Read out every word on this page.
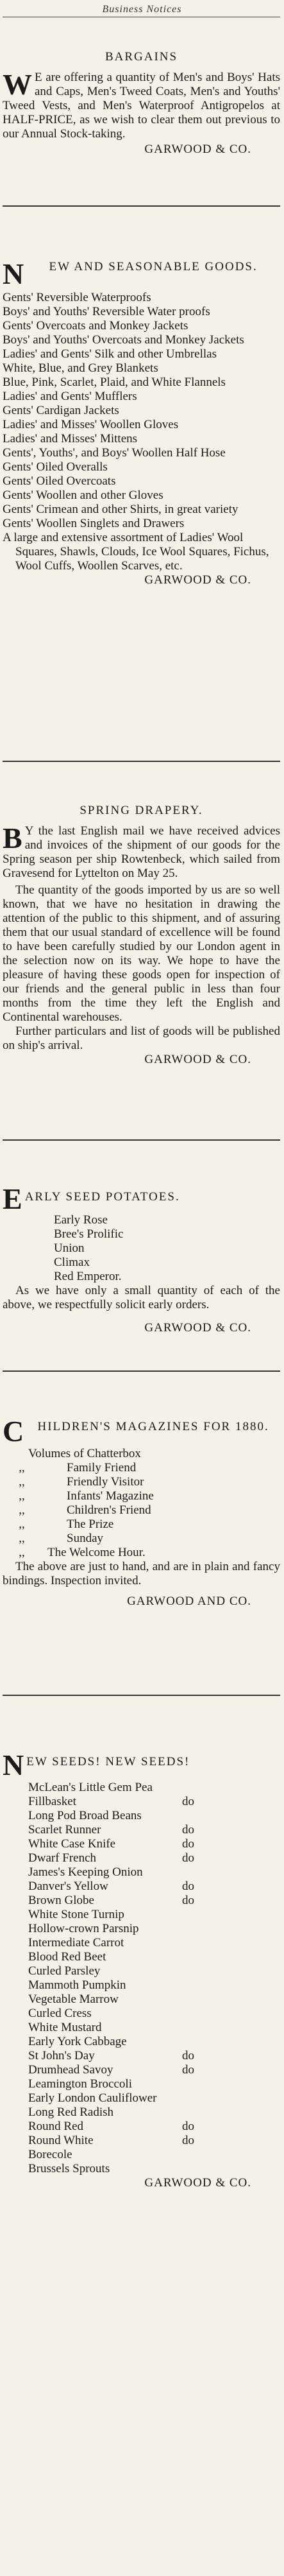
Business Notices
BARGAINS
W E are offering a quantity of Men's and Boys' Hats and Caps, Men's Tweed Coats, Men's and Youths' Tweed Vests, and Men's Waterproof Antigropelos at HALF-PRICE, as we wish to clear them out previous to our Annual Stock-taking.
GARWOOD & CO.
N	EW AND SEASONABLE GOODS.
Gents' Reversible Waterproofs
Boys' and Youths' Reversible Water proofs
Gents' Overcoats and Monkey Jackets
Boys' and Youths' Overcoats and Monkey Jackets
Ladies' and Gents' Silk and other Umbrellas
White, Blue, and Grey Blankets
Blue, Pink, Scarlet, Plaid, and White Flannels
Ladies' and Gents' Mufflers
Gents' Cardigan Jackets
Ladies' and Misses' Woollen Gloves
Ladies' and Misses' Mittens
Gents', Youths', and Boys' Woollen Half Hose
Gents' Oiled Overalls
Gents' Oiled Overcoats
Gents' Woollen and other Gloves
Gents' Crimean and other Shirts, in great variety
Gents' Woollen Singlets and Drawers
A large and extensive assortment of Ladies' Wool Squares, Shawls, Clouds, Ice Wool Squares, Fichus, Wool Cuffs, Woollen Scarves, etc.
GARWOOD & CO.
SPRING DRAPERY.
B Y the last English mail we have received advices and invoices of the shipment of our goods for the Spring season per ship Rowtenbeck, which sailed from Gravesend for Lyttelton on May 25.
The quantity of the goods imported by us are so well known, that we have no hesitation in drawing the attention of the public to this shipment, and of assuring them that our usual standard of excellence will be found to have been carefully studied by our London agent in the selection now on its way. We hope to have the pleasure of having these goods open for inspection of our friends and the general public in less than four months from the time they left the English and Continental warehouses.
Further particulars and list of goods will be published on ship's arrival.
GARWOOD & CO.
E ARLY SEED POTATOES.
Early Rose
Bree's Prolific
Union
Climax
Red Emperor.
As we have only a small quantity of each of the above, we respectfully solicit early orders.
GARWOOD & CO.
C	HILDREN'S MAGAZINES FOR 1880.
Volumes of Chatterbox
,,	Family Friend
,,	Friendly Visitor
,,	Infants' Magazine
,,	Children's Friend
,,	The Prize
,,	Sunday
,,	The Welcome Hour.
The above are just to hand, and are in plain and fancy bindings. Inspection invited.
GARWOOD AND CO.
N EW SEEDS! NEW SEEDS!
McLean's Little Gem Pea
Fillbasket	do
Long Pod Broad Beans
Scarlet Runner	do
White Case Knife	do
Dwarf French	do
James's Keeping Onion
Danver's Yellow	do
Brown Globe	do
White Stone Turnip
Hollow-crown Parsnip
Intermediate Carrot
Blood Red Beet
Curled Parsley
Mammoth Pumpkin
Vegetable Marrow
Curled Cress
White Mustard
Early York Cabbage
St John's Day	do
Drumhead Savoy	do
Leamington Broccoli
Early London Cauliflower
Long Red Radish
Round Red	do
Round White	do
Borecole
Brussels Sprouts
GARWOOD & CO.
